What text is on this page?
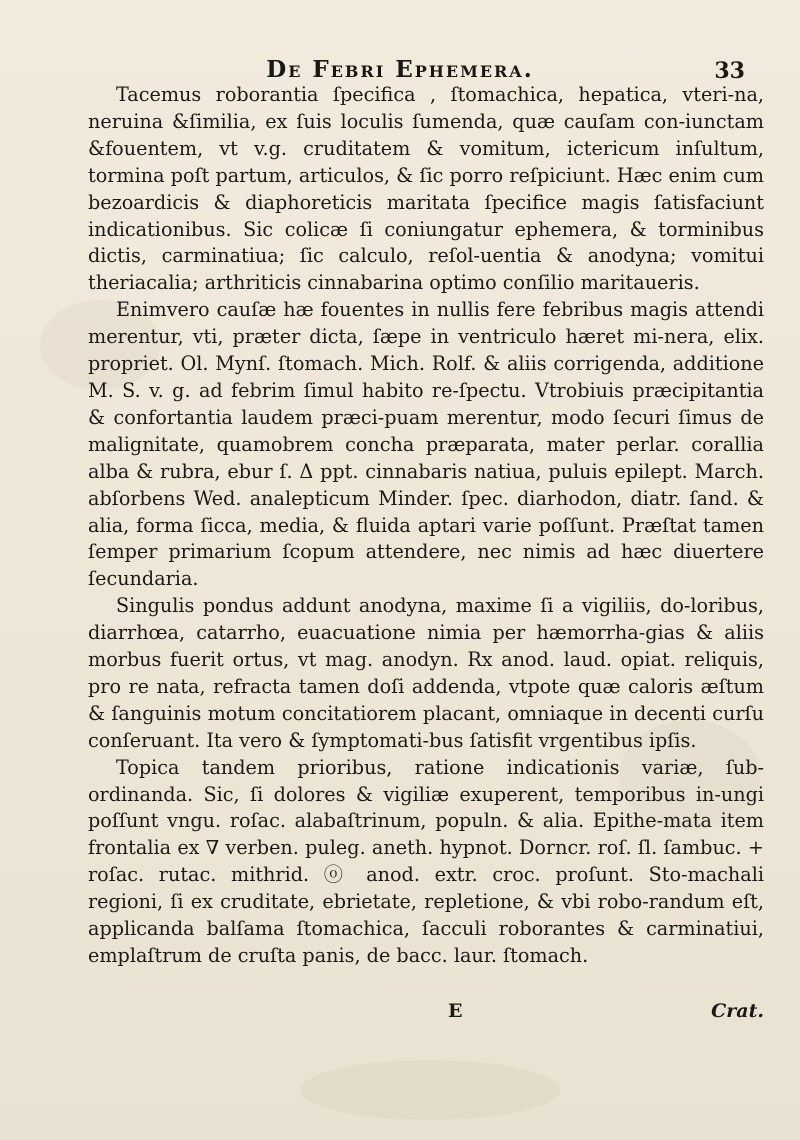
De Febri Ephemera.	33

Tacemus roborantia ſpecifica , ſtomachica, hepatica, vteri-na, neruina &ſimilia, ex ſuis loculis ſumenda, quæ cauſam con-iunctam &fouentem, vt v.g. cruditatem & vomitum, ictericum inſultum, tormina poſt partum, articulos, & ſic porro reſpiciunt. Hæc enim cum bezoardicis & diaphoreticis maritata ſpecifice magis ſatisfaciunt indicationibus. Sic colicæ ſi coniungatur ephemera, & torminibus dictis, carminatiua; ſic calculo, reſol-uentia & anodyna; vomitui theriacalia; arthriticis cinnabarina optimo conſilio maritaueris.

Enimvero cauſæ hæ fouentes in nullis fere febribus magis attendi merentur, vti, præter dicta, ſæpe in ventriculo hæret mi-nera, elix. propriet. Ol. Mynſ. ſtomach. Mich. Rolf. & aliis corrigenda, additione M. S. v. g. ad febrim ſimul habito re-ſpectu. Vtrobiuis præcipitantia & confortantia laudem præci-puam merentur, modo ſecuri ſimus de malignitate, quamobrem concha præparata, mater perlar. corallia alba & rubra, ebur ſ. Δ ppt. cinnabaris natiua, puluis epilept. March. abſorbens Wed. analepticum Minder. ſpec. diarhodon, diatr. ſand. & alia, forma ſicca, media, & fluida aptari varie poſſunt. Præſtat tamen ſemper primarium ſcopum attendere, nec nimis ad hæc diuertere ſecundaria.

Singulis pondus addunt anodyna, maxime ſi a vigiliis, do-loribus, diarrhœa, catarrho, euacuatione nimia per hæmorrha-gias & aliis morbus fuerit ortus, vt mag. anodyn. Rx anod. laud. opiat. reliquis, pro re nata, refracta tamen doſi addenda, vtpote quæ caloris æſtum & ſanguinis motum concitatiorem placant, omniaque in decenti curſu conſeruant. Ita vero & ſymptomati-bus ſatisfit vrgentibus ipſis.

Topica tandem prioribus, ratione indicationis variæ, ſub-ordinanda. Sic, ſi dolores & vigiliæ exuperent, temporibus in-ungi poſſunt vngu. roſac. alabaſtrinum, populn. & alia. Epithe-mata item frontalia ex ∇ verben. puleg. aneth. hypnot. Dorncr. roſ. ſl. ſambuc. + roſac. rutac. mithrid. ⓞ anod. extr. croc. proſunt. Sto-machali regioni, ſi ex cruditate, ebrietate, repletione, & vbi robo-randum eſt, applicanda balſama ſtomachica, ſacculi roborantes & carminatiui, emplaſtrum de cruſta panis, de bacc. laur. ſtomach.

E	Crat.
